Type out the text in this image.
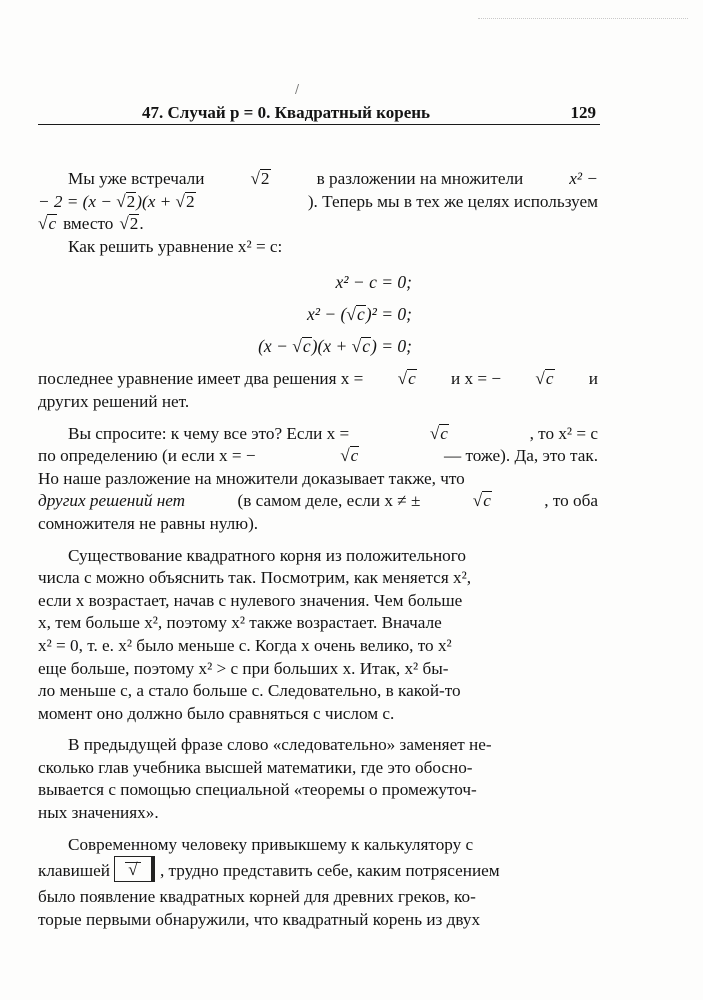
/
47. Случай p = 0. Квадратный корень	129
Мы уже встречали	√2	в разложении на множители	x² −
− 2 = (x − √2)(x + √2	). Теперь мы в тех же целях используем
√c вместо √2.
Как решить уравнение x² = c:
x² − c = 0;
x² − (√c)² = 0;
(x − √c)(x + √c) = 0;
последнее уравнение имеет два решения x = √c и x = − √c и
других решений нет.
Вы спросите: к чему все это? Если x =	√c	, то x² = c
по определению (и если x = −	√c	— тоже). Да, это так.
Но наше разложение на множители доказывает также, что
других решений нет	(в самом деле, если x ≠ ±	√c	, то оба
сомножителя не равны нулю).
Существование квадратного корня из положительного
числа c можно объяснить так. Посмотрим, как меняется x²,
если x возрастает, начав с нулевого значения. Чем больше
x, тем больше x², поэтому x² также возрастает. Вначале
x² = 0, т. е. x² было меньше c. Когда x очень велико, то x²
еще больше, поэтому x² > c при больших x. Итак, x² бы-
ло меньше c, а стало больше c. Следовательно, в какой-то
момент оно должно было сравняться с числом c.
В предыдущей фразе слово «следовательно» заменяет не-
сколько глав учебника высшей математики, где это обосно-
вывается с помощью специальной «теоремы о промежуточ-
ных значениях».
Современному человеку привыкшему к калькулятору с
клавишей √ , трудно представить себе, каким потрясением
было появление квадратных корней для древних греков, ко-
торые первыми обнаружили, что квадратный корень из двух
